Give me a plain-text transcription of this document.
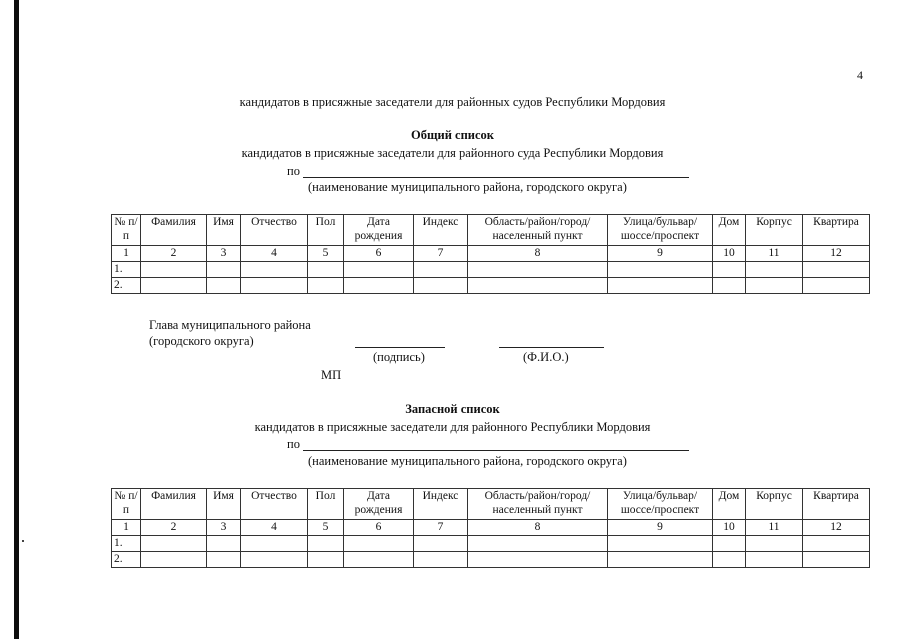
4
кандидатов в присяжные заседатели для районных судов Республики Мордовия
Общий список
кандидатов в присяжные заседатели для районного суда Республики Мордовия
по
(наименование муниципального района, городского округа)
№ п/п	Фамилия	Имя	Отчество	Пол	Дата рождения	Индекс	Область/район/город/ населенный пункт	Улица/бульвар/ шоссе/проспект	Дом	Корпус	Квартира
1	2	3	4	5	6	7	8	9	10	11	12
1.											
2.											
Глава муниципального района
(городского округа)
(подпись)	(Ф.И.О.)
МП
Запасной список
кандидатов в присяжные заседатели для районного Республики Мордовия
по
(наименование муниципального района, городского округа)
№ п/п	Фамилия	Имя	Отчество	Пол	Дата рождения	Индекс	Область/район/город/ населенный пункт	Улица/бульвар/ шоссе/проспект	Дом	Корпус	Квартира
1	2	3	4	5	6	7	8	9	10	11	12
1.											
2.											
